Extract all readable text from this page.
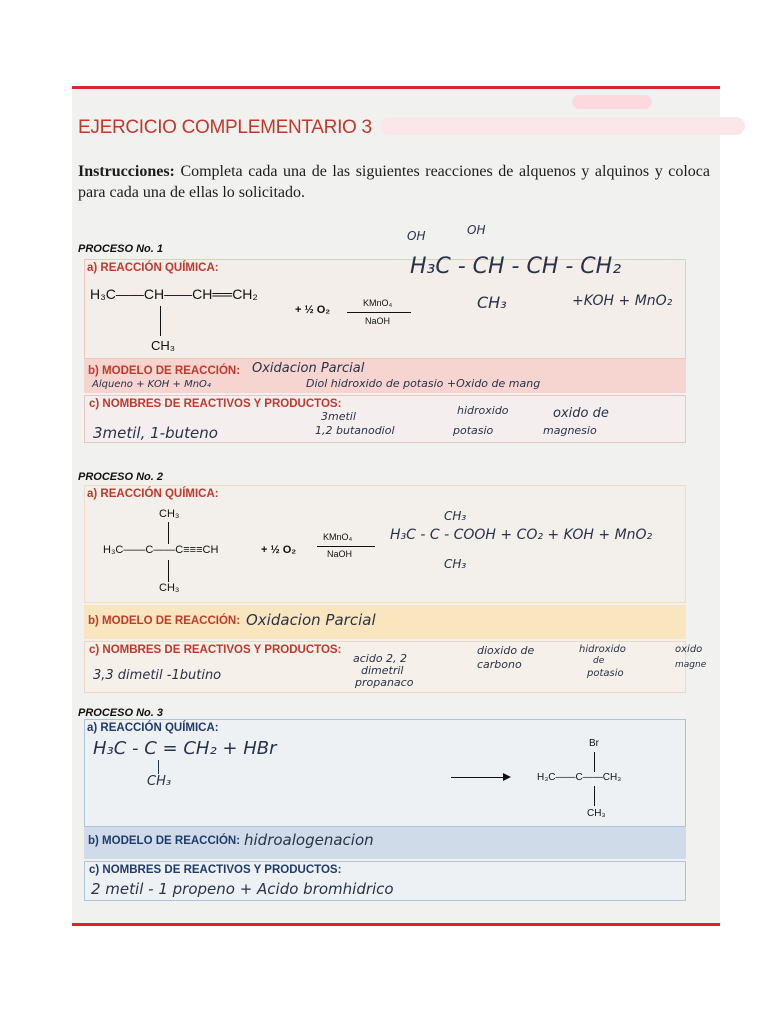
EJERCICIO COMPLEMENTARIO 3
Instrucciones: Completa cada una de las siguientes reacciones de alquenos y alquinos y coloca para cada una de ellas lo solicitado.
PROCESO No. 1
a) REACCIÓN QUÍMICA:
H₃C——CH——CH══CH₂
CH₃
+ ½ O₂
KMnO₄
NaOH
OH	OH
H₃C - CH - CH - CH₂
CH₃	+KOH + MnO₂
b) MODELO DE REACCIÓN: Oxidacion Parcial
Alqueno + KOH + MnO₄	Diol hidroxido de potasio +Oxido de mang
c) NOMBRES DE REACTIVOS Y PRODUCTOS:
3metil, 1-buteno
3metil
1,2 butanodiol
hidroxido
potasio
oxido de
magnesio
PROCESO No. 2
a) REACCIÓN QUÍMICA:
CH₃
H₃C——C——C≡≡≡CH
CH₃
+ ½ O₂
KMnO₄
NaOH
CH₃
H₃C - C - COOH + CO₂ + KOH + MnO₂
CH₃
b) MODELO DE REACCIÓN: Oxidacion Parcial
c) NOMBRES DE REACTIVOS Y PRODUCTOS:
3,3 dimetil -1butino
acido 2, 2
dimetril
propanaco
dioxido de
carbono
hidroxido
de
potasio
oxido
magne
PROCESO No. 3
a) REACCIÓN QUÍMICA:
H₃C - C = CH₂ + HBr
CH₃
Br
H₃C——C——CH₃
CH₃
b) MODELO DE REACCIÓN: hidroalogenacion
c) NOMBRES DE REACTIVOS Y PRODUCTOS:
2 metil - 1 propeno + Acido bromhidrico
